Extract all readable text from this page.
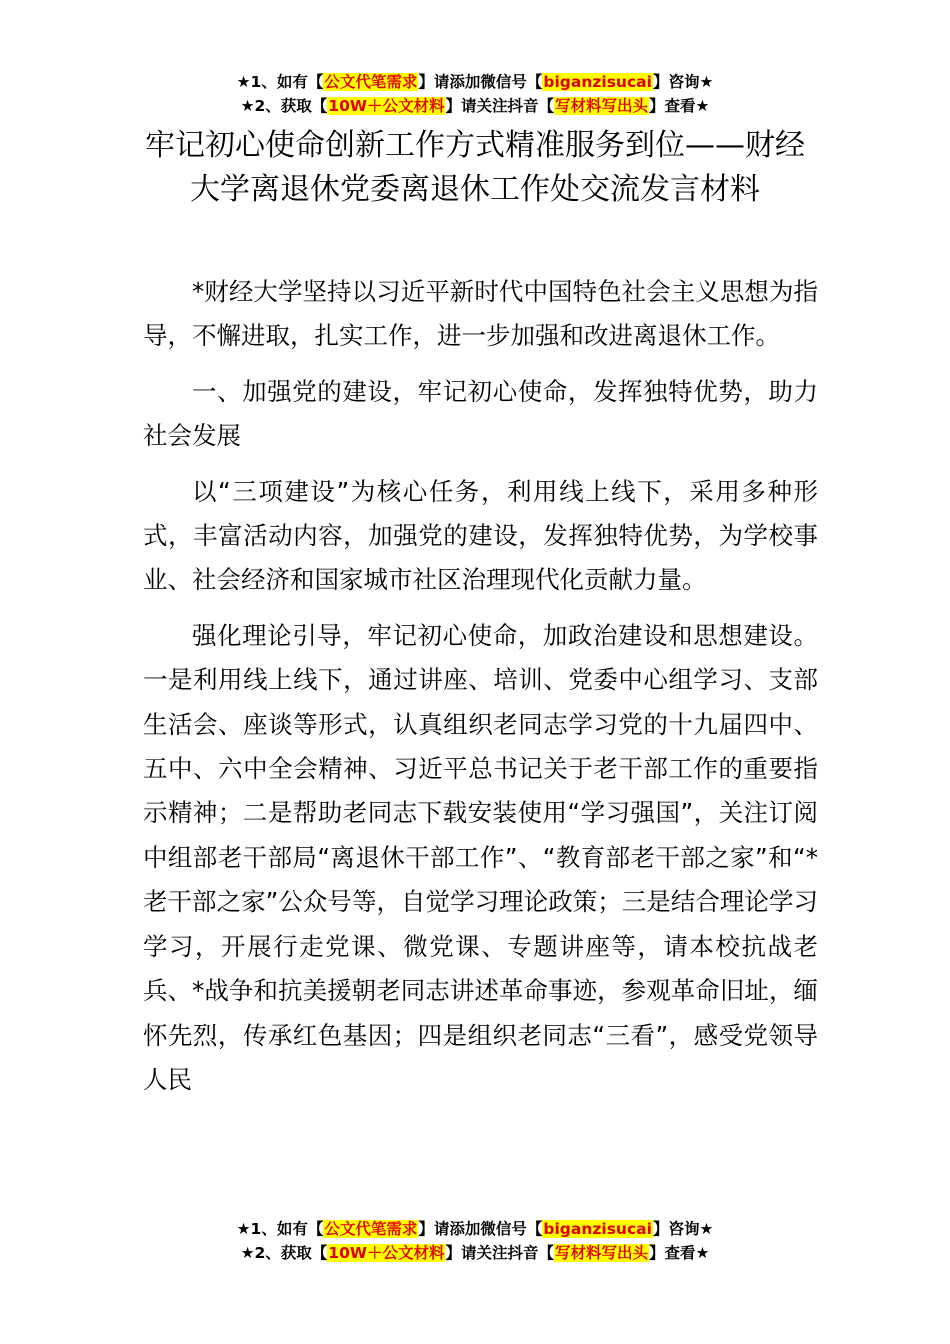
★1、如有【公文代笔需求】请添加微信号【biganzisucai】咨询★
★2、获取【10W＋公文材料】请关注抖音【写材料写出头】查看★
牢记初心使命创新工作方式精准服务到位——财经大学离退休党委离退休工作处交流发言材料

*财经大学坚持以习近平新时代中国特色社会主义思想为指导，不懈进取，扎实工作，进一步加强和改进离退休工作。

一、加强党的建设，牢记初心使命，发挥独特优势，助力社会发展

以“三项建设”为核心任务，利用线上线下，采用多种形式，丰富活动内容，加强党的建设，发挥独特优势，为学校事业、社会经济和国家城市社区治理现代化贡献力量。

强化理论引导，牢记初心使命，加政治建设和思想建设。一是利用线上线下，通过讲座、培训、党委中心组学习、支部生活会、座谈等形式，认真组织老同志学习党的十九届四中、五中、六中全会精神、习近平总书记关于老干部工作的重要指示精神；二是帮助老同志下载安装使用“学习强国”，关注订阅中组部老干部局“离退休干部工作”、“教育部老干部之家”和“*老干部之家”公众号等，自觉学习理论政策；三是结合理论学习学习，开展行走党课、微党课、专题讲座等，请本校抗战老兵、*战争和抗美援朝老同志讲述革命事迹，参观革命旧址，缅怀先烈，传承红色基因；四是组织老同志“三看”，感受党领导人民

★1、如有【公文代笔需求】请添加微信号【biganzisucai】咨询★
★2、获取【10W＋公文材料】请关注抖音【写材料写出头】查看★
